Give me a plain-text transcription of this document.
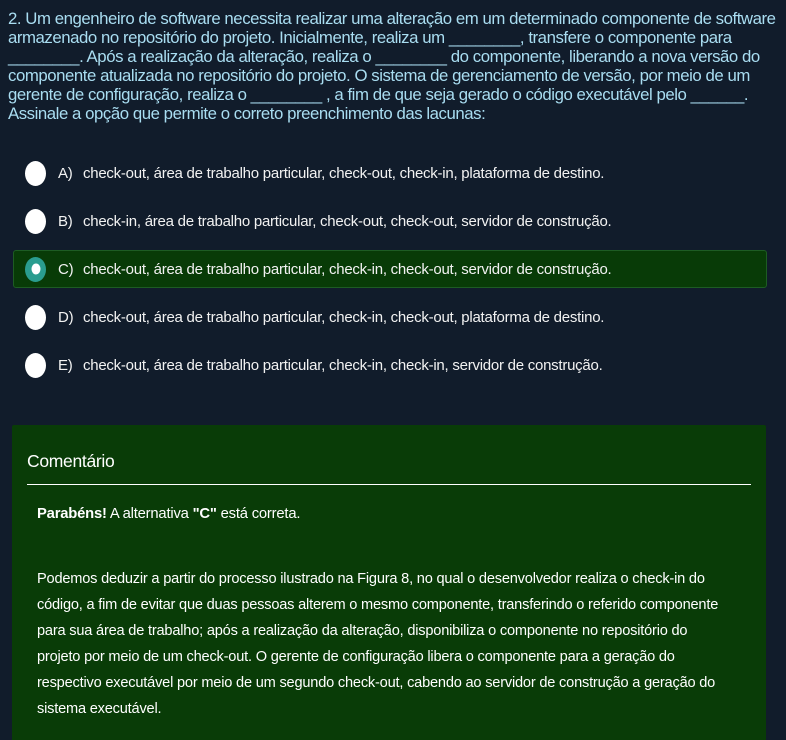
2. Um engenheiro de software necessita realizar uma alteração em um determinado componente de software armazenado no repositório do projeto. Inicialmente, realiza um ________, transfere o componente para ________. Após a realização da alteração, realiza o ________ do componente, liberando a nova versão do componente atualizada no repositório do projeto. O sistema de gerenciamento de versão, por meio de um gerente de configuração, realiza o ________ , a fim de que seja gerado o código executável pelo ______.
Assinale a opção que permite o correto preenchimento das lacunas:
A) check-out, área de trabalho particular, check-out, check-in, plataforma de destino.
B) check-in, área de trabalho particular, check-out, check-out, servidor de construção.
C) check-out, área de trabalho particular, check-in, check-out, servidor de construção.
D) check-out, área de trabalho particular, check-in, check-out, plataforma de destino.
E) check-out, área de trabalho particular, check-in, check-in, servidor de construção.
Comentário
Parabéns! A alternativa "C" está correta.
Podemos deduzir a partir do processo ilustrado na Figura 8, no qual o desenvolvedor realiza o check-in do código, a fim de evitar que duas pessoas alterem o mesmo componente, transferindo o referido componente para sua área de trabalho; após a realização da alteração, disponibiliza o componente no repositório do projeto por meio de um check-out. O gerente de configuração libera o componente para a geração do respectivo executável por meio de um segundo check-out, cabendo ao servidor de construção a geração do sistema executável.
